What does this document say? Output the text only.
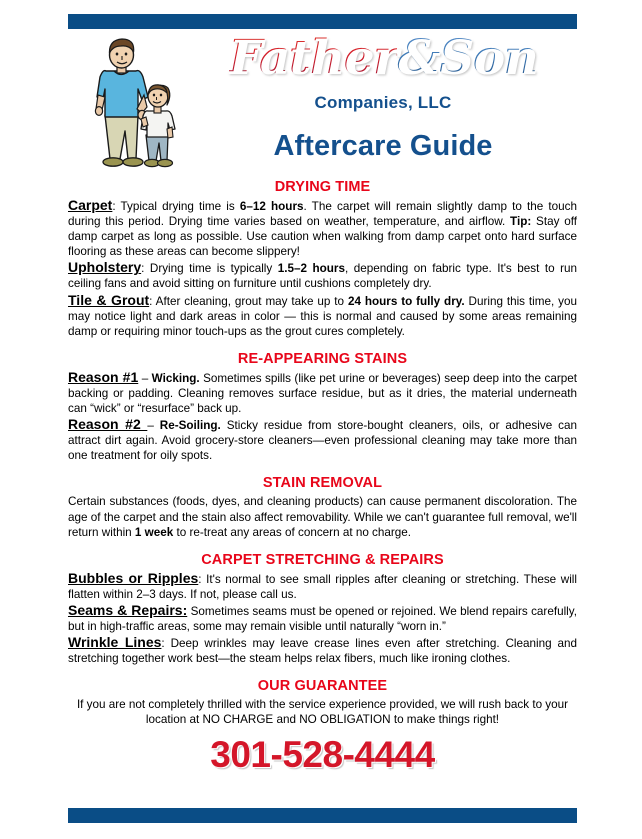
Father&Son
Companies, LLC
Aftercare Guide
DRYING TIME

Carpet: Typical drying time is 6–12 hours. The carpet will remain slightly damp to the touch during this period. Drying time varies based on weather, temperature, and airflow. Tip: Stay off damp carpet as long as possible. Use caution when walking from damp carpet onto hard surface flooring as these areas can become slippery!

Upholstery: Drying time is typically 1.5–2 hours, depending on fabric type. It's best to run ceiling fans and avoid sitting on furniture until cushions completely dry.

Tile & Grout: After cleaning, grout may take up to 24 hours to fully dry. During this time, you may notice light and dark areas in color — this is normal and caused by some areas remaining damp or requiring minor touch-ups as the grout cures completely.

RE-APPEARING STAINS

Reason #1 – Wicking. Sometimes spills (like pet urine or beverages) seep deep into the carpet backing or padding. Cleaning removes surface residue, but as it dries, the material underneath can “wick” or “resurface” back up.

Reason #2 – Re-Soiling. Sticky residue from store-bought cleaners, oils, or adhesive can attract dirt again. Avoid grocery-store cleaners—even professional cleaning may take more than one treatment for oily spots.

STAIN REMOVAL

Certain substances (foods, dyes, and cleaning products) can cause permanent discoloration. The age of the carpet and the stain also affect removability. While we can't guarantee full removal, we'll return within 1 week to re-treat any areas of concern at no charge.

CARPET STRETCHING & REPAIRS

Bubbles or Ripples: It's normal to see small ripples after cleaning or stretching. These will flatten within 2–3 days. If not, please call us.

Seams & Repairs: Sometimes seams must be opened or rejoined. We blend repairs carefully, but in high-traffic areas, some may remain visible until naturally “worn in.”

Wrinkle Lines: Deep wrinkles may leave crease lines even after stretching. Cleaning and stretching together work best—the steam helps relax fibers, much like ironing clothes.

OUR GUARANTEE

If you are not completely thrilled with the service experience provided, we will rush back to your location at NO CHARGE and NO OBLIGATION to make things right!

301-528-4444
